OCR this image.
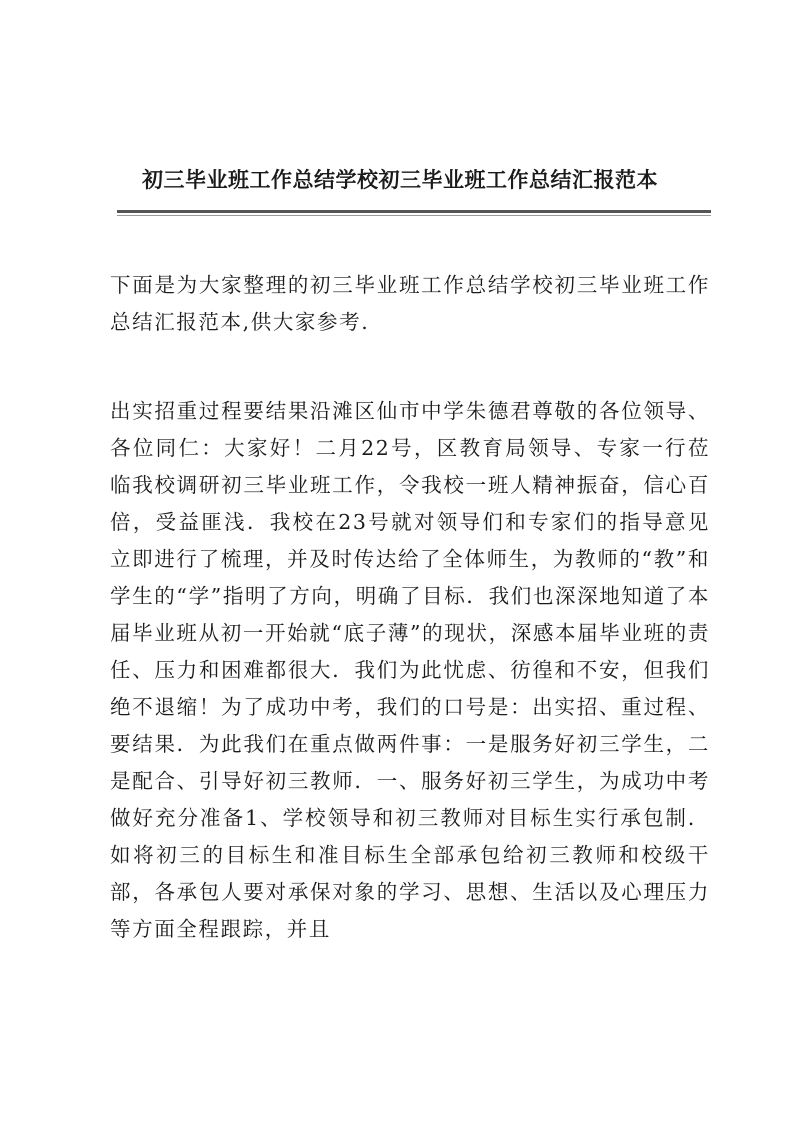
初三毕业班工作总结学校初三毕业班工作总结汇报范本

下面是为大家整理的初三毕业班工作总结学校初三毕业班工作总结汇报范本,供大家参考.

出实招重过程要结果沿滩区仙市中学朱德君尊敬的各位领导、各位同仁：大家好！二月22号，区教育局领导、专家一行莅临我校调研初三毕业班工作，令我校一班人精神振奋，信心百倍，受益匪浅．我校在23号就对领导们和专家们的指导意见立即进行了梳理，并及时传达给了全体师生，为教师的“教”和学生的“学”指明了方向，明确了目标．我们也深深地知道了本届毕业班从初一开始就“底子薄”的现状，深感本届毕业班的责任、压力和困难都很大．我们为此忧虑、彷徨和不安，但我们绝不退缩！为了成功中考，我们的口号是：出实招、重过程、要结果．为此我们在重点做两件事：一是服务好初三学生，二是配合、引导好初三教师．一、服务好初三学生，为成功中考做好充分准备1、学校领导和初三教师对目标生实行承包制．如将初三的目标生和准目标生全部承包给初三教师和校级干部，各承包人要对承保对象的学习、思想、生活以及心理压力等方面全程跟踪，并且
